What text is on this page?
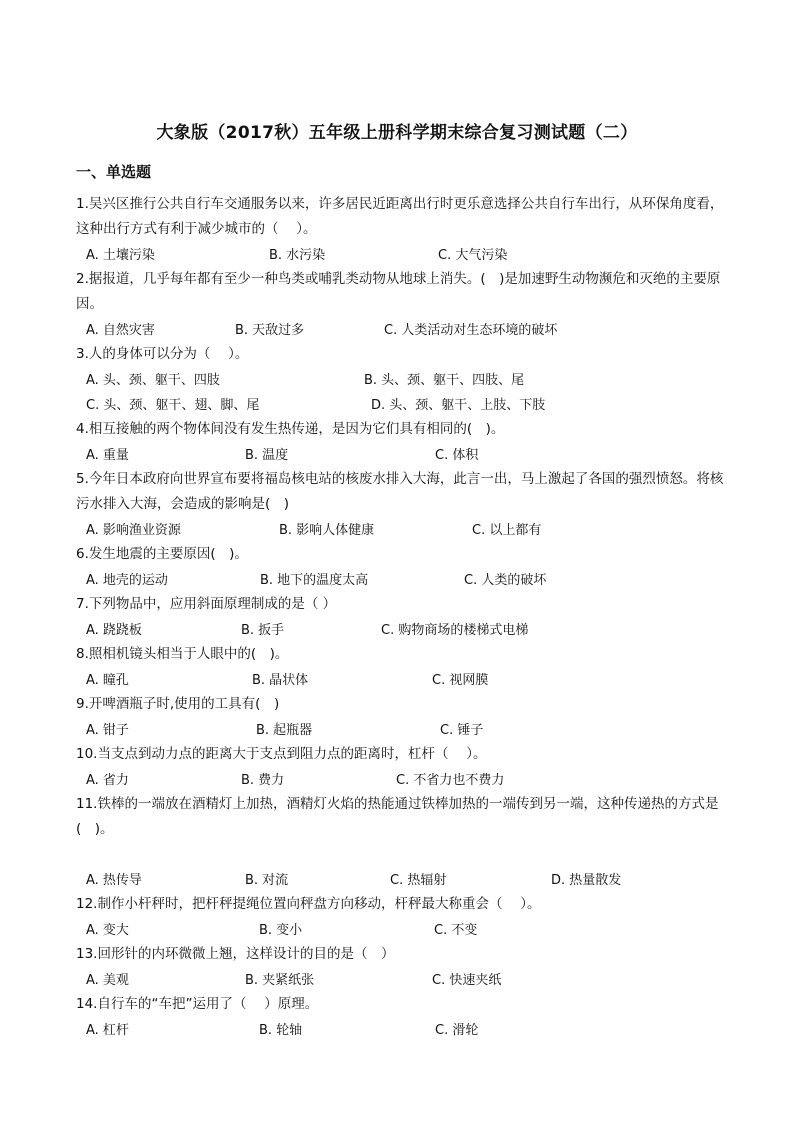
大象版（2017秋）五年级上册科学期末综合复习测试题（二）
一、单选题
1.吴兴区推行公共自行车交通服务以来，许多居民近距离出行时更乐意选择公共自行车出行，从环保角度看，这种出行方式有利于减少城市的（　 ）。
A. 土壤污染	B. 水污染	C. 大气污染
2.据报道，几乎每年都有至少一种鸟类或哺乳类动物从地球上消失。(　)是加速野生动物濒危和灭绝的主要原因。
A. 自然灾害	B. 天敌过多	C. 人类活动对生态环境的破坏
3.人的身体可以分为（　 ）。
A. 头、颈、躯干、四肢	B. 头、颈、躯干、四肢、尾
C. 头、颈、躯干、翅、脚、尾	D. 头、颈、躯干、上肢、下肢
4.相互接触的两个物体间没有发生热传递，是因为它们具有相同的(　)。
A. 重量	B. 温度	C. 体积
5.今年日本政府向世界宣布要将福岛核电站的核废水排入大海，此言一出，马上激起了各国的强烈愤怒。将核污水排入大海，会造成的影响是(　)
A. 影响渔业资源	B. 影响人体健康	C. 以上都有
6.发生地震的主要原因(　)。
A. 地壳的运动	B. 地下的温度太高	C. 人类的破坏
7.下列物品中，应用斜面原理制成的是（ ）
A. 跷跷板	B. 扳手	C. 购物商场的楼梯式电梯
8.照相机镜头相当于人眼中的(　)。
A. 瞳孔	B. 晶状体	C. 视网膜
9.开啤酒瓶子时,使用的工具有(　)
A. 钳子	B. 起瓶器	C. 锤子
10.当支点到动力点的距离大于支点到阻力点的距离时，杠杆（　 ）。
A. 省力	B. 费力	C. 不省力也不费力
11.铁棒的一端放在酒精灯上加热，酒精灯火焰的热能通过铁棒加热的一端传到另一端，这种传递热的方式是(　)。
A. 热传导	B. 对流	C. 热辐射	D. 热量散发
12.制作小杆秤时，把杆秤提绳位置向秤盘方向移动，杆秤最大称重会（　 ）。
A. 变大	B. 变小	C. 不变
13.回形针的内环微微上翘，这样设计的目的是（　）
A. 美观	B. 夹紧纸张	C. 快速夹纸
14.自行车的“车把”运用了（　 ）原理。
A. 杠杆	B. 轮轴	C. 滑轮
